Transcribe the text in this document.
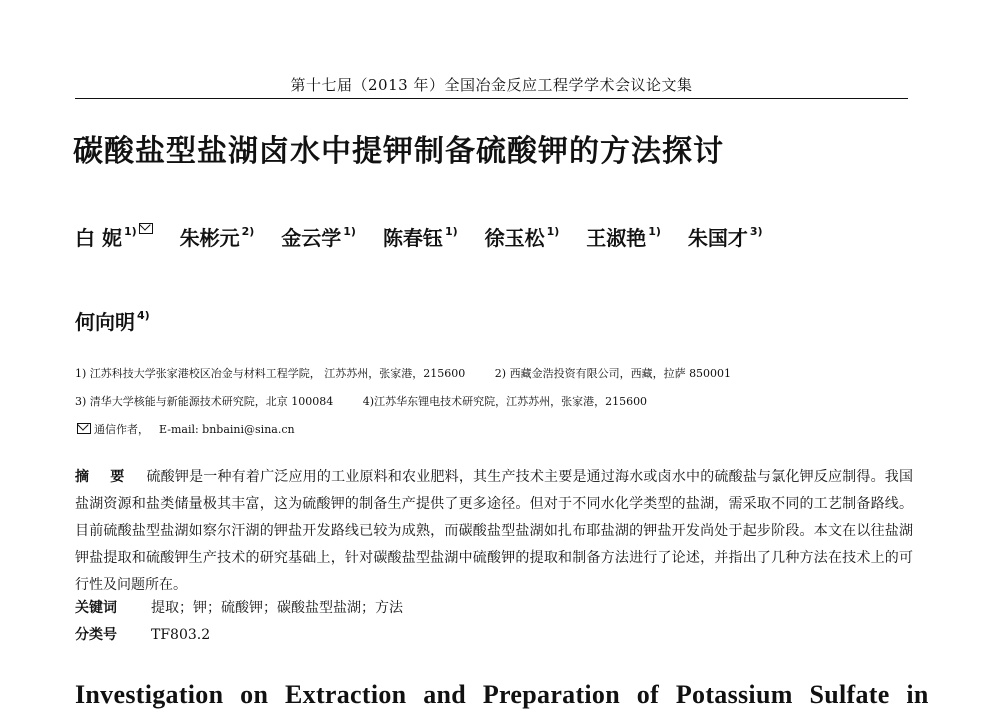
第十七届（2013 年）全国冶金反应工程学学术会议论文集
碳酸盐型盐湖卤水中提钾制备硫酸钾的方法探讨
白 妮 $^{1)}$ 朱彬元 $^{2)}$ 金云学 $^{1)}$ 陈春钰 $^{1)}$ 徐玉松 $^{1)}$ 王淑艳 $^{1)}$ 朱国才 $^{3)}$
何向明 $^{4)}$
1) 江苏科技大学张家港校区冶金与材料工程学院， 江苏苏州，张家港，215600	2) 西藏金浩投资有限公司，西藏，拉萨 850001
3) 清华大学核能与新能源技术研究院，北京 100084	4)江苏华东锂电技术研究院，江苏苏州，张家港，215600
通信作者， E-mail: bnbaini@sina.cn
摘 要 硫酸钾是一种有着广泛应用的工业原料和农业肥料，其生产技术主要是通过海水或卤水中的硫酸盐与氯化钾反应制得。我国盐湖资源和盐类储量极其丰富，这为硫酸钾的制备生产提供了更多途径。但对于不同水化学类型的盐湖，需采取不同的工艺制备路线。目前硫酸盐型盐湖如察尔汗湖的钾盐开发路线已较为成熟，而碳酸盐型盐湖如扎布耶盐湖的钾盐开发尚处于起步阶段。本文在以往盐湖钾盐提取和硫酸钾生产技术的研究基础上，针对碳酸盐型盐湖中硫酸钾的提取和制备方法进行了论述，并指出了几种方法在技术上的可行性及问题所在。
关键词 提取；钾；硫酸钾；碳酸盐型盐湖；方法
分类号 TF803.2
Investigation on Extraction and Preparation of Potassium Sulfate in
